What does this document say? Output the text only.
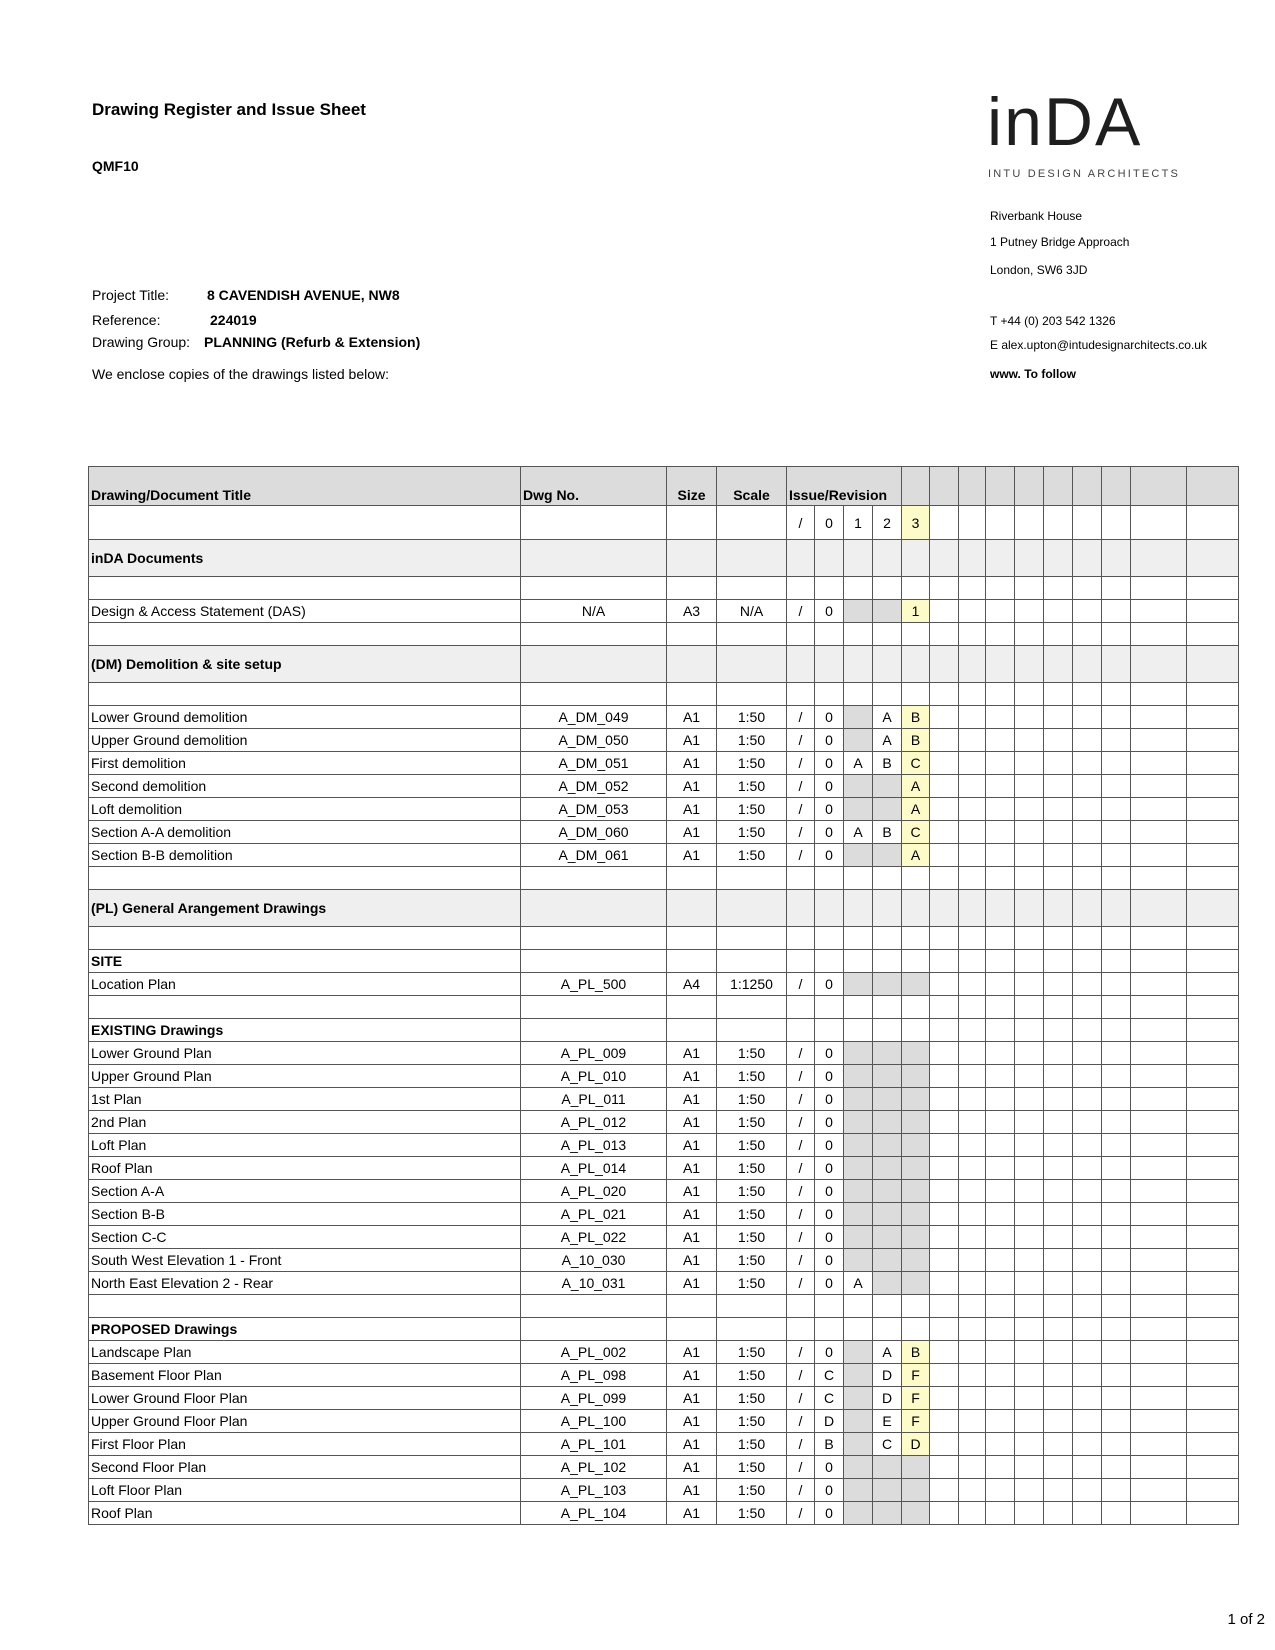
Drawing Register and Issue Sheet
QMF10
Project Title:	8 CAVENDISH AVENUE, NW8
Reference:	224019
Drawing Group: PLANNING (Refurb & Extension)
We enclose copies of the drawings listed below:
inDA
INTU DESIGN ARCHITECTS
Riverbank House
1 Putney Bridge Approach
London, SW6 3JD
T +44 (0) 203 542 1326
E alex.upton@intudesignarchitects.co.uk
www. To follow
Drawing/Document Title	Dwg No.	Size	Scale	Issue/Revision													
				/	0	1	2	3									
inDA Documents																	

Design & Access Statement (DAS)	N/A	A3	N/A	/	0			1									

(DM) Demolition & site setup																	

Lower Ground demolition	A_DM_049	A1	1:50	/	0		A	B									
Upper Ground demolition	A_DM_050	A1	1:50	/	0		A	B									
First demolition	A_DM_051	A1	1:50	/	0	A	B	C									
Second demolition	A_DM_052	A1	1:50	/	0			A									
Loft demolition	A_DM_053	A1	1:50	/	0			A									
Section A-A demolition	A_DM_060	A1	1:50	/	0	A	B	C									
Section B-B demolition	A_DM_061	A1	1:50	/	0			A									

(PL) General Arangement Drawings																	

SITE																	
Location Plan	A_PL_500	A4	1:1250	/	0												

EXISTING Drawings																	
Lower Ground Plan	A_PL_009	A1	1:50	/	0												
Upper Ground Plan	A_PL_010	A1	1:50	/	0												
1st Plan	A_PL_011	A1	1:50	/	0												
2nd Plan	A_PL_012	A1	1:50	/	0												
Loft Plan	A_PL_013	A1	1:50	/	0												
Roof Plan	A_PL_014	A1	1:50	/	0												
Section A-A	A_PL_020	A1	1:50	/	0												
Section B-B	A_PL_021	A1	1:50	/	0												
Section C-C	A_PL_022	A1	1:50	/	0												
South West Elevation 1 - Front	A_10_030	A1	1:50	/	0												
North East Elevation 2 - Rear	A_10_031	A1	1:50	/	0	A											

PROPOSED Drawings																	
Landscape Plan	A_PL_002	A1	1:50	/	0		A	B									
Basement Floor Plan	A_PL_098	A1	1:50	/	C		D	F									
Lower Ground Floor Plan	A_PL_099	A1	1:50	/	C		D	F									
Upper Ground Floor Plan	A_PL_100	A1	1:50	/	D		E	F									
First Floor Plan	A_PL_101	A1	1:50	/	B		C	D									
Second Floor Plan	A_PL_102	A1	1:50	/	0												
Loft Floor Plan	A_PL_103	A1	1:50	/	0												
Roof Plan	A_PL_104	A1	1:50	/	0												
1 of 2
